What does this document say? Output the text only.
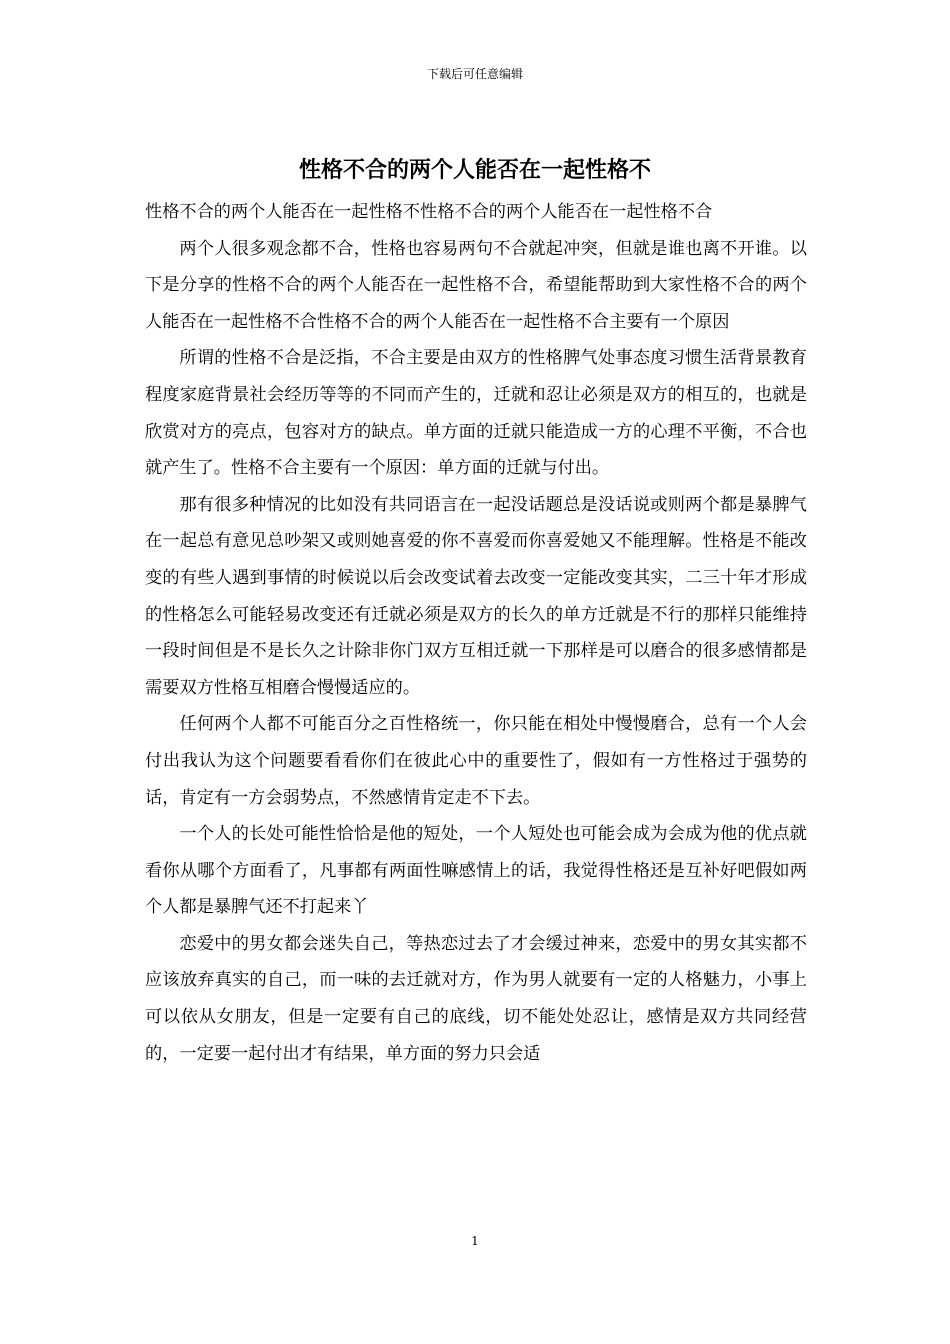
下载后可任意编辑
性格不合的两个人能否在一起性格不

性格不合的两个人能否在一起性格不性格不合的两个人能否在一起性格不合

两个人很多观念都不合，性格也容易两句不合就起冲突，但就是谁也离不开谁。以下是分享的性格不合的两个人能否在一起性格不合，希望能帮助到大家性格不合的两个人能否在一起性格不合性格不合的两个人能否在一起性格不合主要有一个原因

所谓的性格不合是泛指，不合主要是由双方的性格脾气处事态度习惯生活背景教育程度家庭背景社会经历等等的不同而产生的，迁就和忍让必须是双方的相互的，也就是欣赏对方的亮点，包容对方的缺点。单方面的迁就只能造成一方的心理不平衡，不合也就产生了。性格不合主要有一个原因：单方面的迁就与付出。

那有很多种情况的比如没有共同语言在一起没话题总是没话说或则两个都是暴脾气在一起总有意见总吵架又或则她喜爱的你不喜爱而你喜爱她又不能理解。性格是不能改变的有些人遇到事情的时候说以后会改变试着去改变一定能改变其实，二三十年才形成的性格怎么可能轻易改变还有迁就必须是双方的长久的单方迁就是不行的那样只能维持一段时间但是不是长久之计除非你门双方互相迁就一下那样是可以磨合的很多感情都是需要双方性格互相磨合慢慢适应的。

任何两个人都不可能百分之百性格统一，你只能在相处中慢慢磨合，总有一个人会付出我认为这个问题要看看你们在彼此心中的重要性了，假如有一方性格过于强势的话，肯定有一方会弱势点，不然感情肯定走不下去。

一个人的长处可能性恰恰是他的短处，一个人短处也可能会成为会成为他的优点就看你从哪个方面看了，凡事都有两面性嘛感情上的话，我觉得性格还是互补好吧假如两个人都是暴脾气还不打起来丫

恋爱中的男女都会迷失自己，等热恋过去了才会缓过神来，恋爱中的男女其实都不应该放弃真实的自己，而一味的去迁就对方，作为男人就要有一定的人格魅力，小事上可以依从女朋友，但是一定要有自己的底线，切不能处处忍让，感情是双方共同经营的，一定要一起付出才有结果，单方面的努力只会适

1
